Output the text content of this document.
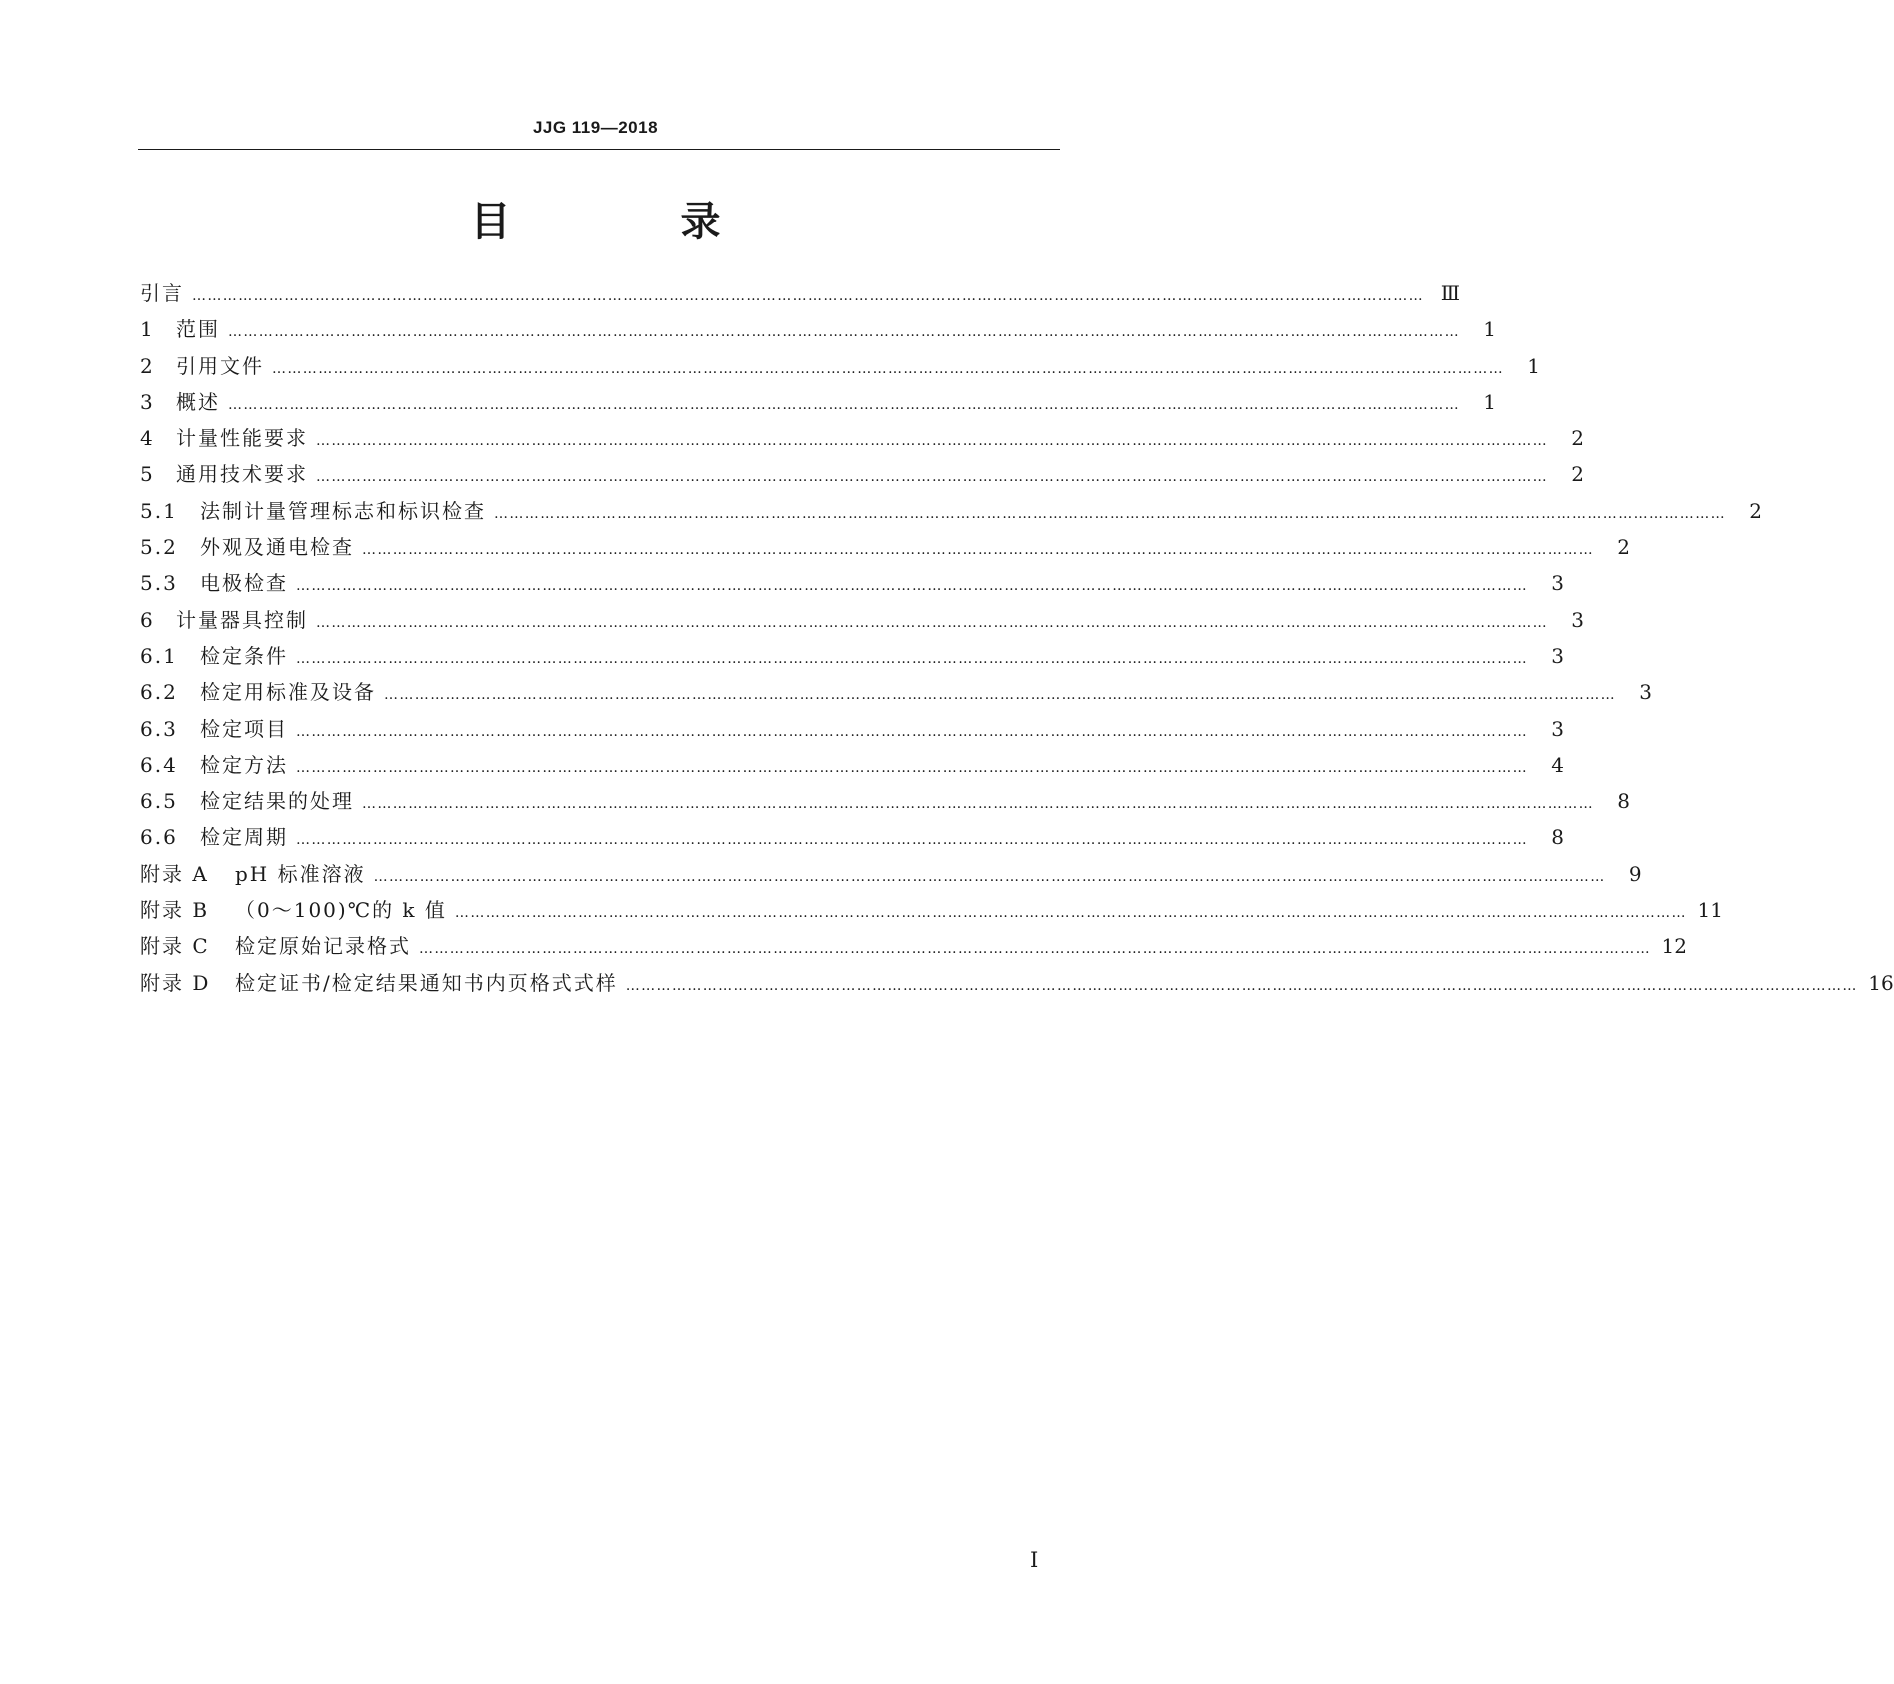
JJG 119—2018
目 录
引言 …………………………………………………………………………………………………………………………………………………………………………………………………………………… Ⅲ
1	范围 ……………………………………………………………………………………………………………………………………………………………………………………………………………………	1
2	引用文件 ……………………………………………………………………………………………………………………………………………………………………………………………………………………	1
3	概述 ……………………………………………………………………………………………………………………………………………………………………………………………………………………	1
4	计量性能要求 ……………………………………………………………………………………………………………………………………………………………………………………………………………………	2
5	通用技术要求 ……………………………………………………………………………………………………………………………………………………………………………………………………………………	2
5.1	法制计量管理标志和标识检查 ……………………………………………………………………………………………………………………………………………………………………………………………………………………	2
5.2	外观及通电检查 ……………………………………………………………………………………………………………………………………………………………………………………………………………………	2
5.3	电极检查 ……………………………………………………………………………………………………………………………………………………………………………………………………………………	3
6	计量器具控制 ……………………………………………………………………………………………………………………………………………………………………………………………………………………	3
6.1	检定条件 ……………………………………………………………………………………………………………………………………………………………………………………………………………………	3
6.2	检定用标准及设备 ……………………………………………………………………………………………………………………………………………………………………………………………………………………	3
6.3	检定项目 ……………………………………………………………………………………………………………………………………………………………………………………………………………………	3
6.4	检定方法 ……………………………………………………………………………………………………………………………………………………………………………………………………………………	4
6.5	检定结果的处理 ……………………………………………………………………………………………………………………………………………………………………………………………………………………	8
6.6	检定周期 ……………………………………………………………………………………………………………………………………………………………………………………………………………………	8
附录 A	pH 标准溶液 ……………………………………………………………………………………………………………………………………………………………………………………………………………………	9
附录 B	（0～100)℃的 k 值 …………………………………………………………………………………………………………………………………………………………………………………………………………………… 11
附录 C	检定原始记录格式 …………………………………………………………………………………………………………………………………………………………………………………………………………………… 12
附录 D	检定证书/检定结果通知书内页格式式样 …………………………………………………………………………………………………………………………………………………………………………………………………………………… 16
Ⅰ
